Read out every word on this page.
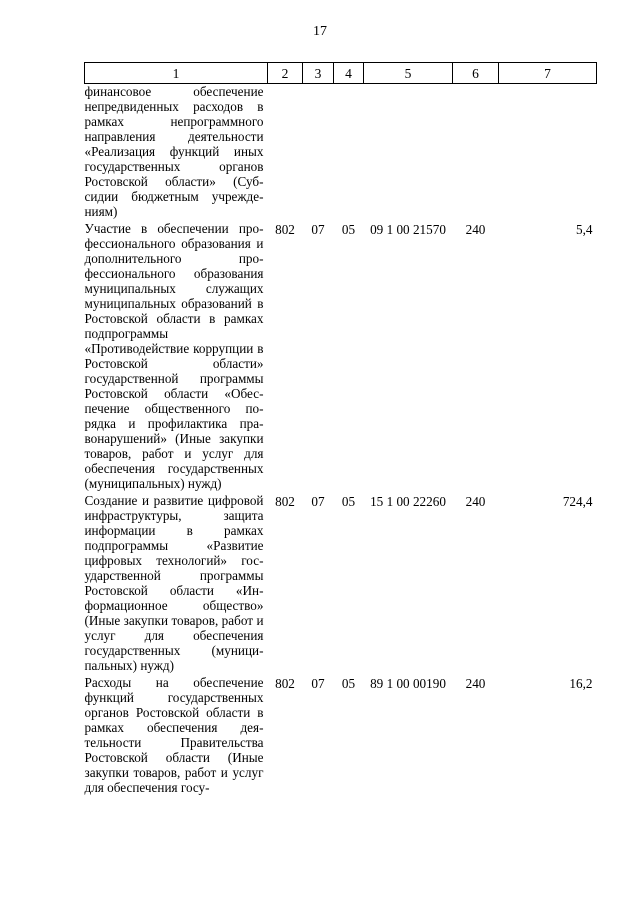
17
1	2	3	4	5	6	7
финансовое обеспечение непредвиденных расходов в рамках непрограммного направления деятельности «Реализация функций иных государственных органов Ростовской области» (Субсидии бюджетным учреждениям)						

Участие в обеспечении профессионального образования и дополнительного профессионального образования муниципальных служащих муниципальных образований в Ростовской области в рамках подпрограммы «Противодействие коррупции в Ростовской области» государственной программы Ростовской области «Обеспечение общественного порядка и профилактика правонарушений» (Иные закупки товаров, работ и услуг для обеспечения государственных (муниципальных) нужд)	802	07	05	09 1 00 21570	240	5,4

Создание и развитие цифровой инфраструктуры, защита информации в рамках подпрограммы «Развитие цифровых технологий» государственной программы Ростовской области «Информационное общество» (Иные закупки товаров, работ и услуг для обеспечения государственных (муниципальных) нужд)	802	07	05	15 1 00 22260	240	724,4

Расходы на обеспечение функций государственных органов Ростовской области в рамках обеспечения деятельности Правительства Ростовской области (Иные закупки товаров, работ и услуг для обеспечения госу-	802	07	05	89 1 00 00190	240	16,2
